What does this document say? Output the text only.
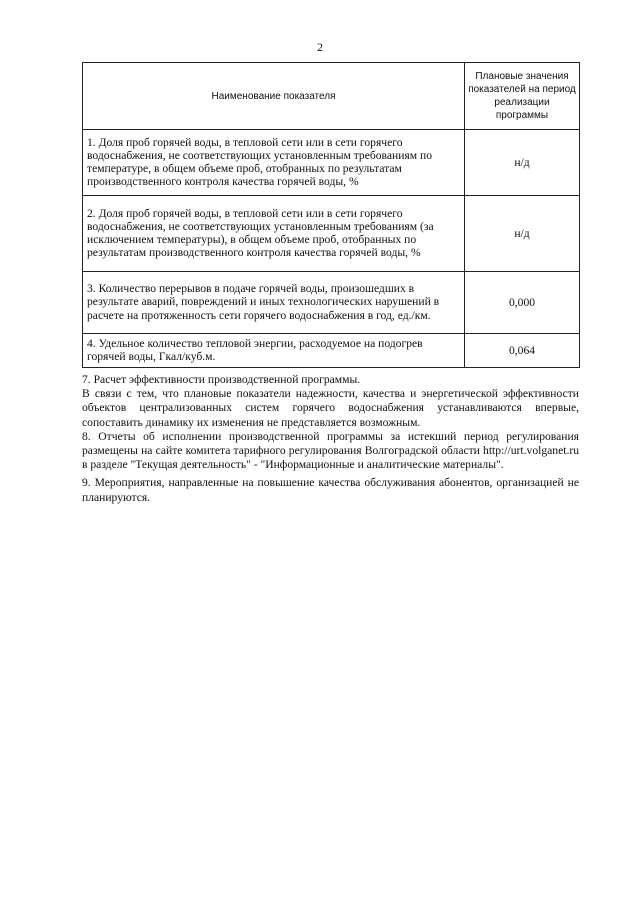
2
Наименование показателя	Плановые значения показателей на период реализации программы
1. Доля проб горячей воды, в тепловой сети или в сети горячего водоснабжения, не соответствующих установленным требованиям по температуре, в общем объеме проб, отобранных по результатам производственного контроля качества горячей воды, %	н/д
2. Доля проб горячей воды, в тепловой сети или в сети горячего водоснабжения, не соответствующих установленным требованиям (за исключением температуры), в общем объеме проб, отобранных по результатам производственного контроля качества горячей воды, %	н/д
3. Количество перерывов в подаче горячей воды, произошедших в результате аварий, повреждений и иных технологических нарушений в расчете на протяженность сети горячего водоснабжения в год, ед./км.	0,000
4. Удельное количество тепловой энергии, расходуемое на подогрев горячей воды, Гкал/куб.м.	0,064

7. Расчет эффективности производственной программы.

В связи с тем, что плановые показатели надежности, качества и энергетической эффективности объектов централизованных систем горячего водоснабжения устанавливаются впервые, сопоставить динамику их изменения не представляется возможным.

8. Отчеты об исполнении производственной программы за истекший период регулирования размещены на сайте комитета тарифного регулирования Волгоградской области http://urt.volganet.ru в разделе "Текущая деятельность" - "Информационные и аналитические материалы".

9. Мероприятия, направленные на повышение качества обслуживания абонентов, организацией не планируются.
